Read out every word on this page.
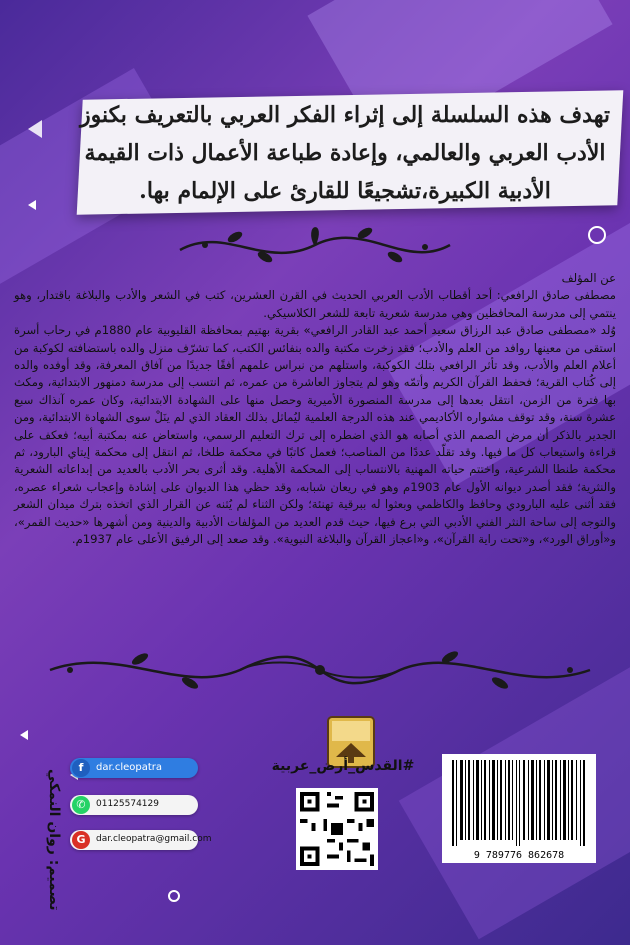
تهدف هذه السلسلة إلى إثراء الفكر العربي بالتعريف بكنوز الأدب العربي والعالمي، وإعادة طباعة الأعمال ذات القيمة الأدبية الكبيرة،تشجيعًا للقارئ على الإلمام بها.

عن المؤلف

مصطفى صادق الرافعي: أحد أقطاب الأدب العربي الحديث في القرن العشرين، كتب في الشعر والأدب والبلاغة باقتدار، وهو ينتمي إلى مدرسة المحافظين وهي مدرسة شعرية تابعة للشعر الكلاسيكي.

وُلد «مصطفى صادق عبد الرزاق سعيد أحمد عبد القادر الرافعي» بقرية بهتيم بمحافظة القليوبية عام 1880م في رحاب أسرة استقى من معينها روافد من العلم والأدب؛ فقد زخرت مكتبة والده بنفائس الكتب، كما تشرّف منزل والده باستضافته لكوكبة من أعلام العلم والأدب، وقد تأثر الرافعي بتلك الكوكبة، واستلهم من نبراس علمهم أفقًا جديدًا من آفاق المعرفة، وقد أوفده والده إلى كُتاب القرية؛ فحفظ القرآن الكريم وأتمّه وهو لم يتجاوز العاشرة من عمره، ثم انتسب إلى مدرسة دمنهور الابتدائية، ومكث بها فترة من الزمن، انتقل بعدها إلى مدرسة المنصورة الأميرية وحصل منها على الشهادة الابتدائية، وكان عمره آنذاك سبع عشرة سنة، وقد توقف مشواره الأكاديمي عند هذه الدرجة العلمية ليُماثل بذلك العقاد الذي لم ينَلْ سوى الشهادة الابتدائية، ومن الجدير بالذكر أن مرض الصمم الذي أصابه هو الذي اضطره إلى ترك التعليم الرسمي، واستعاض عنه بمكتبة أبيه؛ فعكف على قراءة واستيعاب كل ما فيها. وقد تقلّد عددًا من المناصب؛ فعمل كاتبًا في محكمة طلخا، ثم انتقل إلى محكمة إيتاي البارود، ثم محكمة طنطا الشرعية، واختتم حياته المهنية بالانتساب إلى المحكمة الأهلية. وقد أثرى بحر الأدب بالعديد من إبداعاته الشعرية والنثرية؛ فقد أصدر ديوانه الأول عام 1903م وهو في ريعان شبابه، وقد حظي هذا الديوان على إشادة وإعجاب شعراء عصره، فقد أثنى عليه البارودي وحافظ والكاظمي وبعثوا له ببرقية تهنئة؛ ولكن الثناء لم يُثنه عن القرار الذي اتخذه بترك ميدان الشعر والتوجه إلى ساحة النثر الفني الأدبي التي برع فيها، حيث قدم العديد من المؤلفات الأدبية والدينية ومن أشهرها «حديث القمر»، و«أوراق الورد»، و«تحت راية القرآن»، و«اعجاز القرآن والبلاغة النبوية». وقد صعد إلى الرفيق الأعلى عام 1937م.

#القدس_أرض_عربية
9 789776 862678
f	dar.cleopatra
✆	01125574129
G	dar.cleopatra@gmail.com
تصميم: روان النمكي
